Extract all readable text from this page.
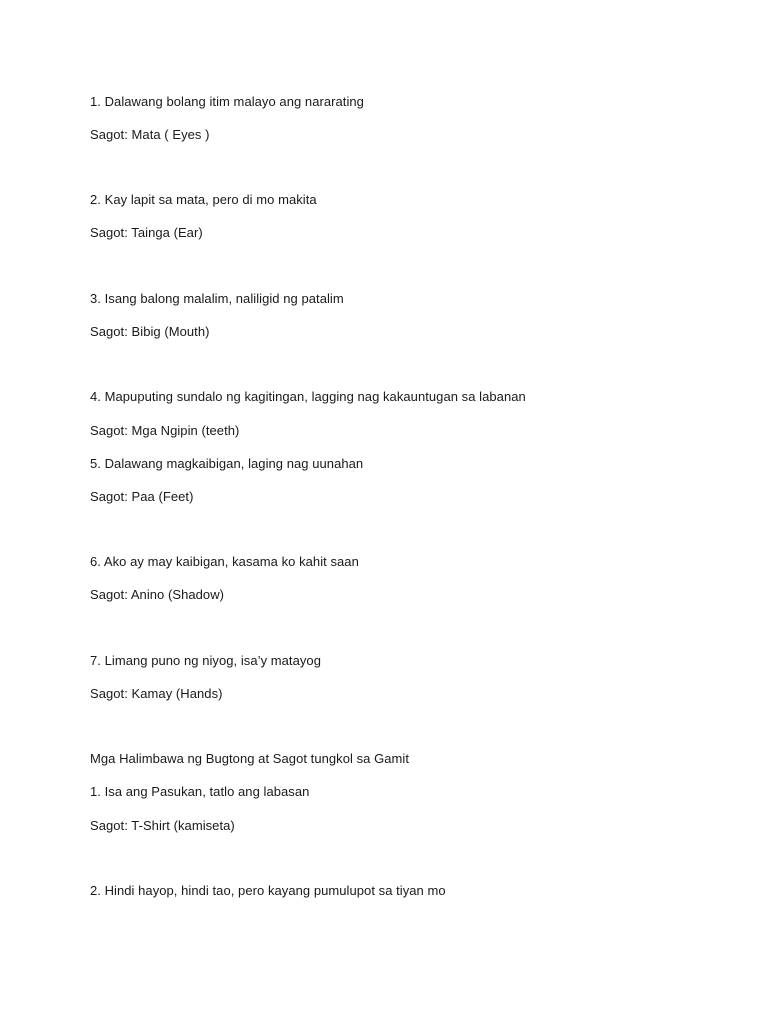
1. Dalawang bolang itim malayo ang nararating
Sagot: Mata ( Eyes )
2. Kay lapit sa mata, pero di mo makita
Sagot: Tainga (Ear)
3. Isang balong malalim, naliligid ng patalim
Sagot: Bibig (Mouth)
4. Mapuputing sundalo ng kagitingan, lagging nag kakauntugan sa labanan
Sagot: Mga Ngipin (teeth)
5. Dalawang magkaibigan, laging nag uunahan
Sagot: Paa (Feet)
6. Ako ay may kaibigan, kasama ko kahit saan
Sagot: Anino (Shadow)
7. Limang puno ng niyog, isa’y matayog
Sagot: Kamay (Hands)
Mga Halimbawa ng Bugtong at Sagot tungkol sa Gamit
1. Isa ang Pasukan, tatlo ang labasan
Sagot: T-Shirt (kamiseta)
2. Hindi hayop, hindi tao, pero kayang pumulupot sa tiyan mo
